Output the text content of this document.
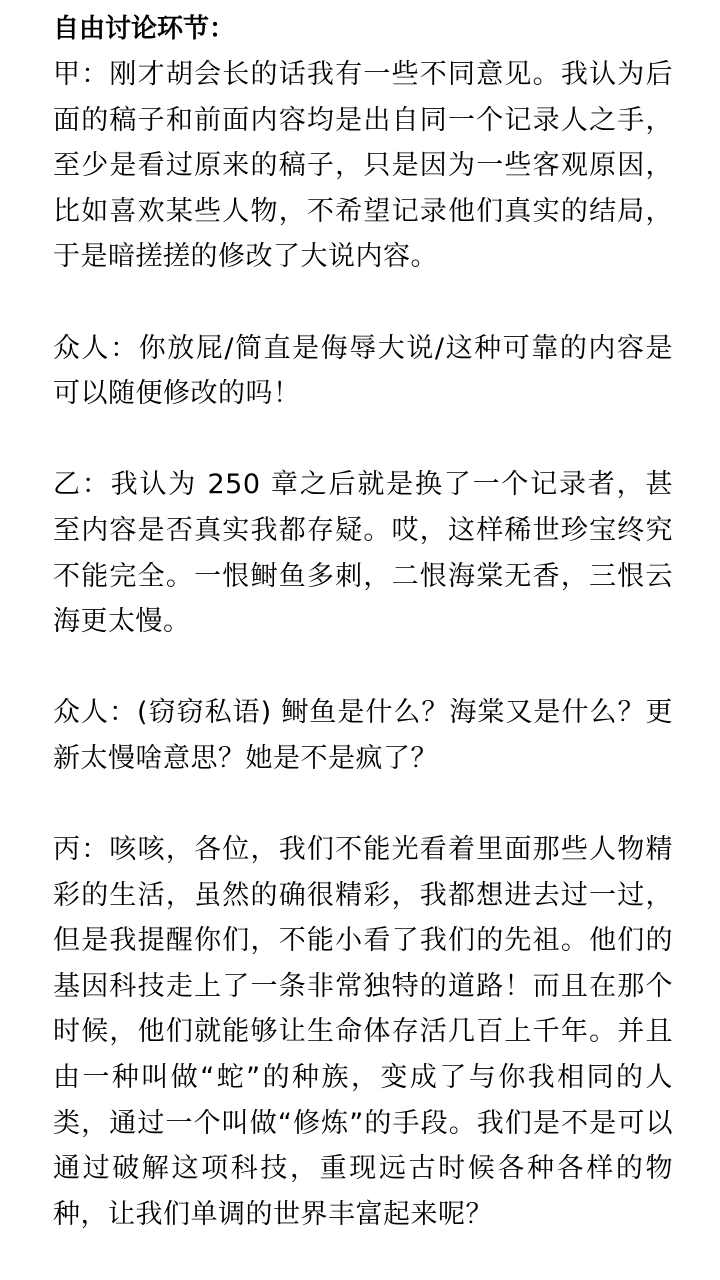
自由讨论环节：

甲：刚才胡会长的话我有一些不同意见。我认为后面的稿子和前面内容均是出自同一个记录人之手，至少是看过原来的稿子，只是因为一些客观原因，比如喜欢某些人物，不希望记录他们真实的结局，于是暗搓搓的修改了大说内容。

众人：你放屁/简直是侮辱大说/这种可靠的内容是可以随便修改的吗！

乙：我认为 250 章之后就是换了一个记录者，甚至内容是否真实我都存疑。哎，这样稀世珍宝终究不能完全。一恨鲥鱼多刺，二恨海棠无香，三恨云海更太慢。

众人：(窃窃私语) 鲥鱼是什么？海棠又是什么？更新太慢啥意思？她是不是疯了？

丙：咳咳，各位，我们不能光看着里面那些人物精彩的生活，虽然的确很精彩，我都想进去过一过，但是我提醒你们，不能小看了我们的先祖。他们的基因科技走上了一条非常独特的道路！而且在那个时候，他们就能够让生命体存活几百上千年。并且由一种叫做“蛇”的种族，变成了与你我相同的人类，通过一个叫做“修炼”的手段。我们是不是可以通过破解这项科技，重现远古时候各种各样的物种，让我们单调的世界丰富起来呢？
